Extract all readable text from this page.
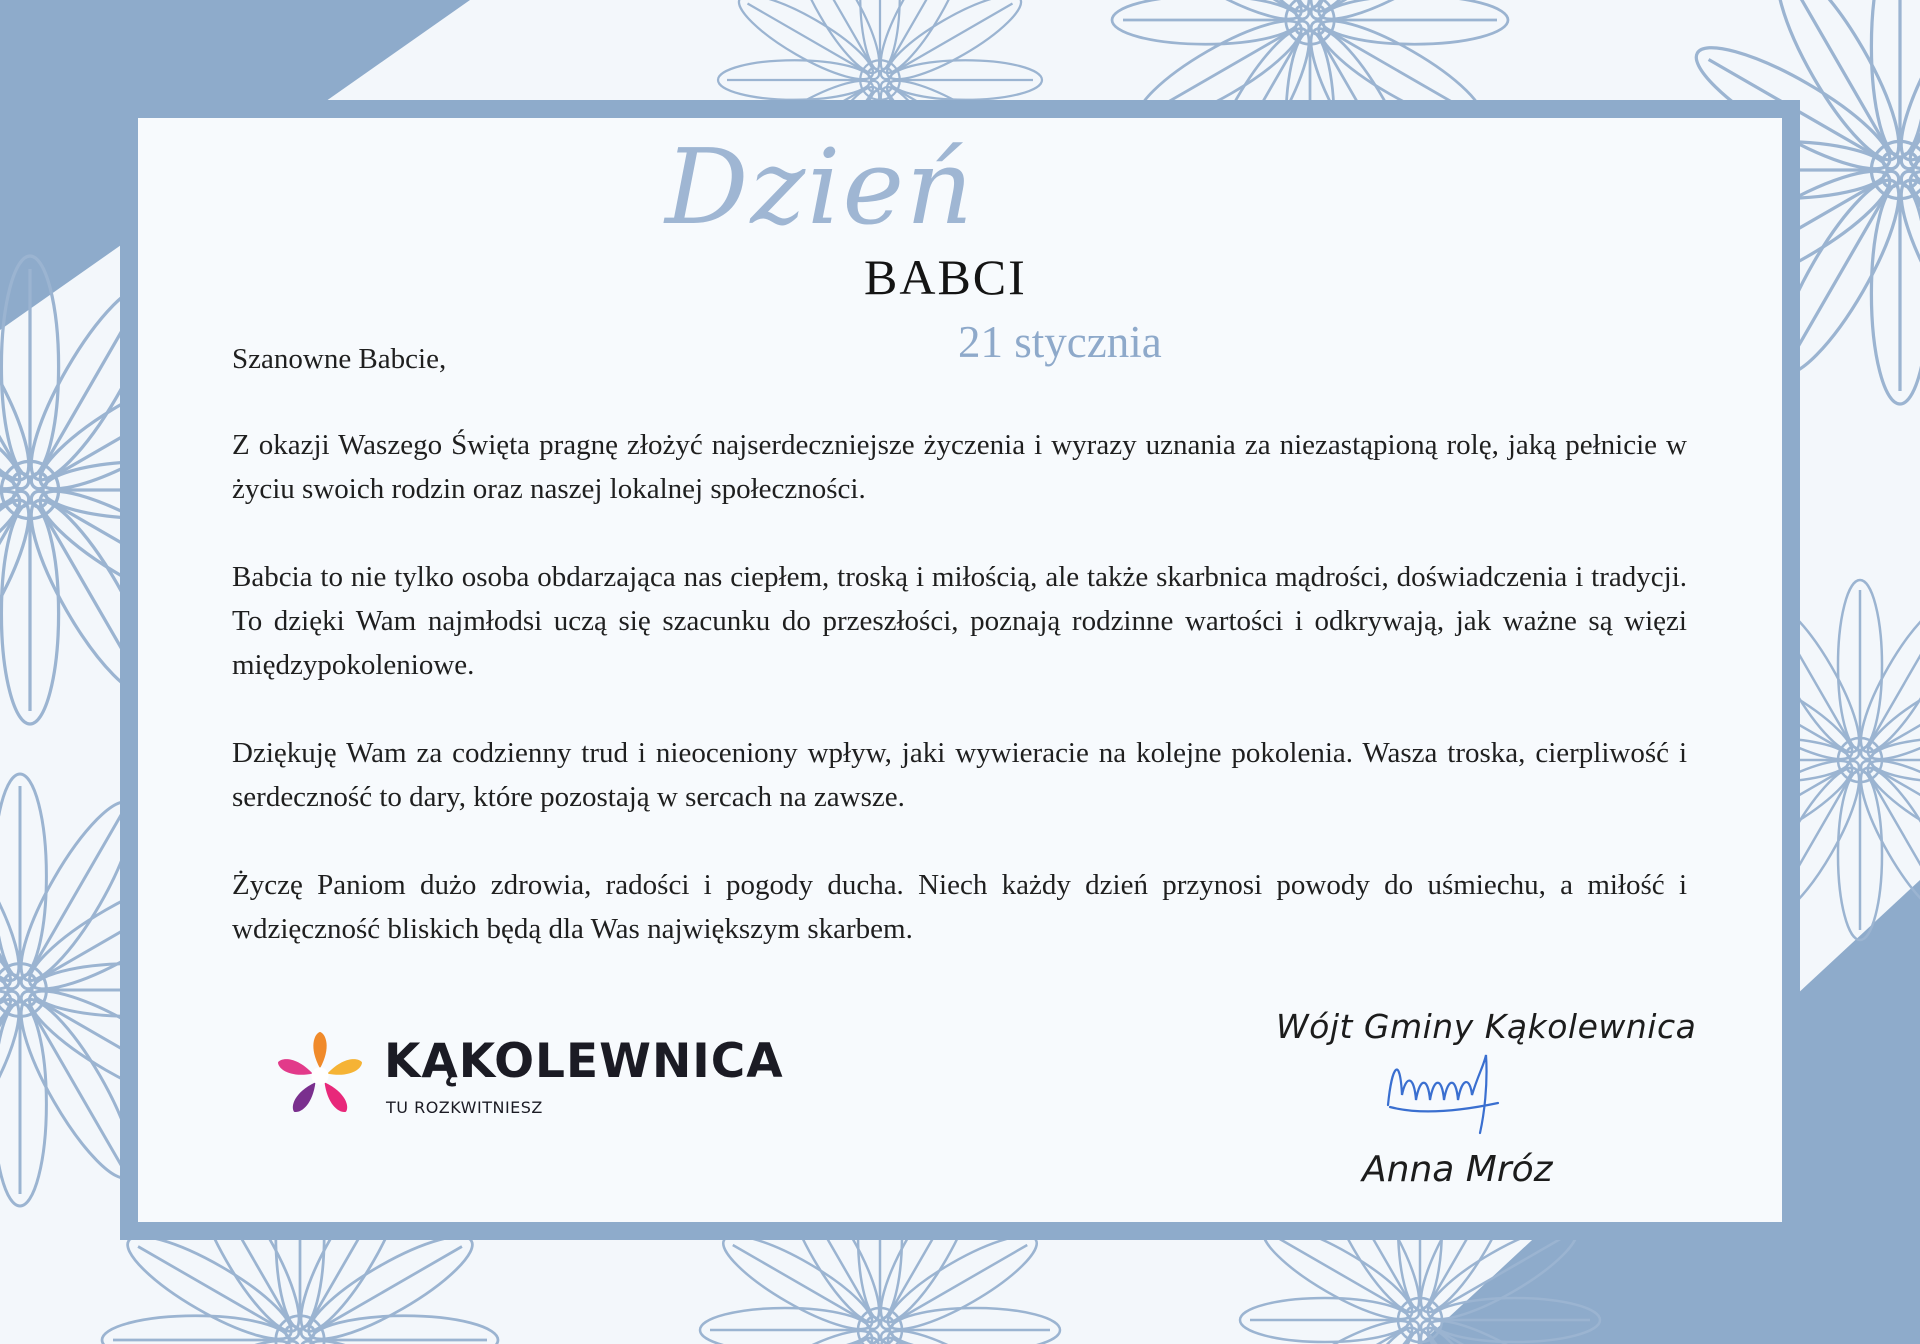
Dzień
BABCI
21 stycznia
Szanowne Babcie,

Z okazji Waszego Święta pragnę złożyć najserdeczniejsze życzenia i wyrazy uznania za niezastąpioną rolę, jaką pełnicie w życiu swoich rodzin oraz naszej lokalnej społeczności.

Babcia to nie tylko osoba obdarzająca nas ciepłem, troską i miłością, ale także skarbnica mądrości, doświadczenia i tradycji. To dzięki Wam najmłodsi uczą się szacunku do przeszłości, poznają rodzinne wartości i odkrywają, jak ważne są więzi międzypokoleniowe.

Dziękuję Wam za codzienny trud i nieoceniony wpływ, jaki wywieracie na kolejne pokolenia. Wasza troska, cierpliwość i serdeczność to dary, które pozostają w sercach na zawsze.

Życzę Paniom dużo zdrowia, radości i pogody ducha. Niech każdy dzień przynosi powody do uśmiechu, a miłość i wdzięczność bliskich będą dla Was największym skarbem.

KĄKOLEWNICA
TU ROZKWITNIESZ
Wójt Gminy Kąkolewnica
Anna Mróz
